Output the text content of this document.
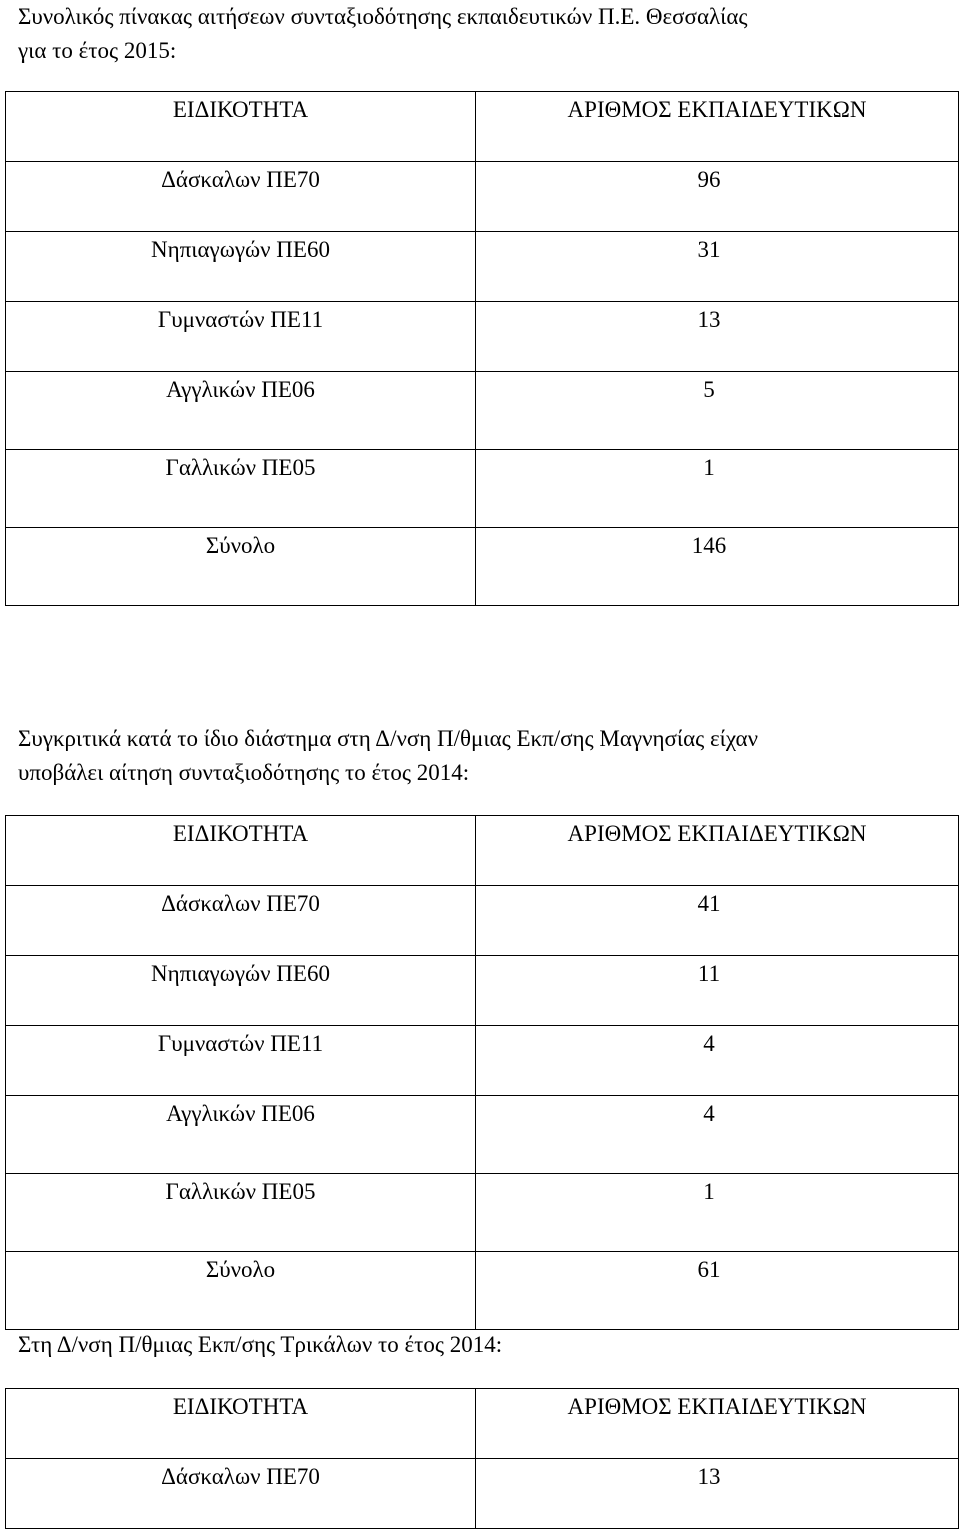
Συνολικός πίνακας αιτήσεων συνταξιοδότησης εκπαιδευτικών Π.Ε. Θεσσαλίας
για το έτος 2015:

ΕΙΔΙΚΟΤΗΤΑ	ΑΡΙΘΜΟΣ ΕΚΠΑΙΔΕΥΤΙΚΩΝ

Δάσκαλων ΠΕ70	96

Νηπιαγωγών ΠΕ60	31

Γυμναστών ΠΕ11	13

Αγγλικών ΠΕ06	5

Γαλλικών ΠΕ05	1

Σύνολο	146

Συγκριτικά κατά το ίδιο διάστημα στη Δ/νση Π/θμιας Εκπ/σης Μαγνησίας είχαν
υποβάλει αίτηση συνταξιοδότησης το έτος 2014:

ΕΙΔΙΚΟΤΗΤΑ	ΑΡΙΘΜΟΣ ΕΚΠΑΙΔΕΥΤΙΚΩΝ

Δάσκαλων ΠΕ70	41

Νηπιαγωγών ΠΕ60	11

Γυμναστών ΠΕ11	4

Αγγλικών ΠΕ06	4

Γαλλικών ΠΕ05	1

Σύνολο	61

Στη Δ/νση Π/θμιας Εκπ/σης Τρικάλων το έτος 2014:

ΕΙΔΙΚΟΤΗΤΑ	ΑΡΙΘΜΟΣ ΕΚΠΑΙΔΕΥΤΙΚΩΝ

Δάσκαλων ΠΕ70	13
